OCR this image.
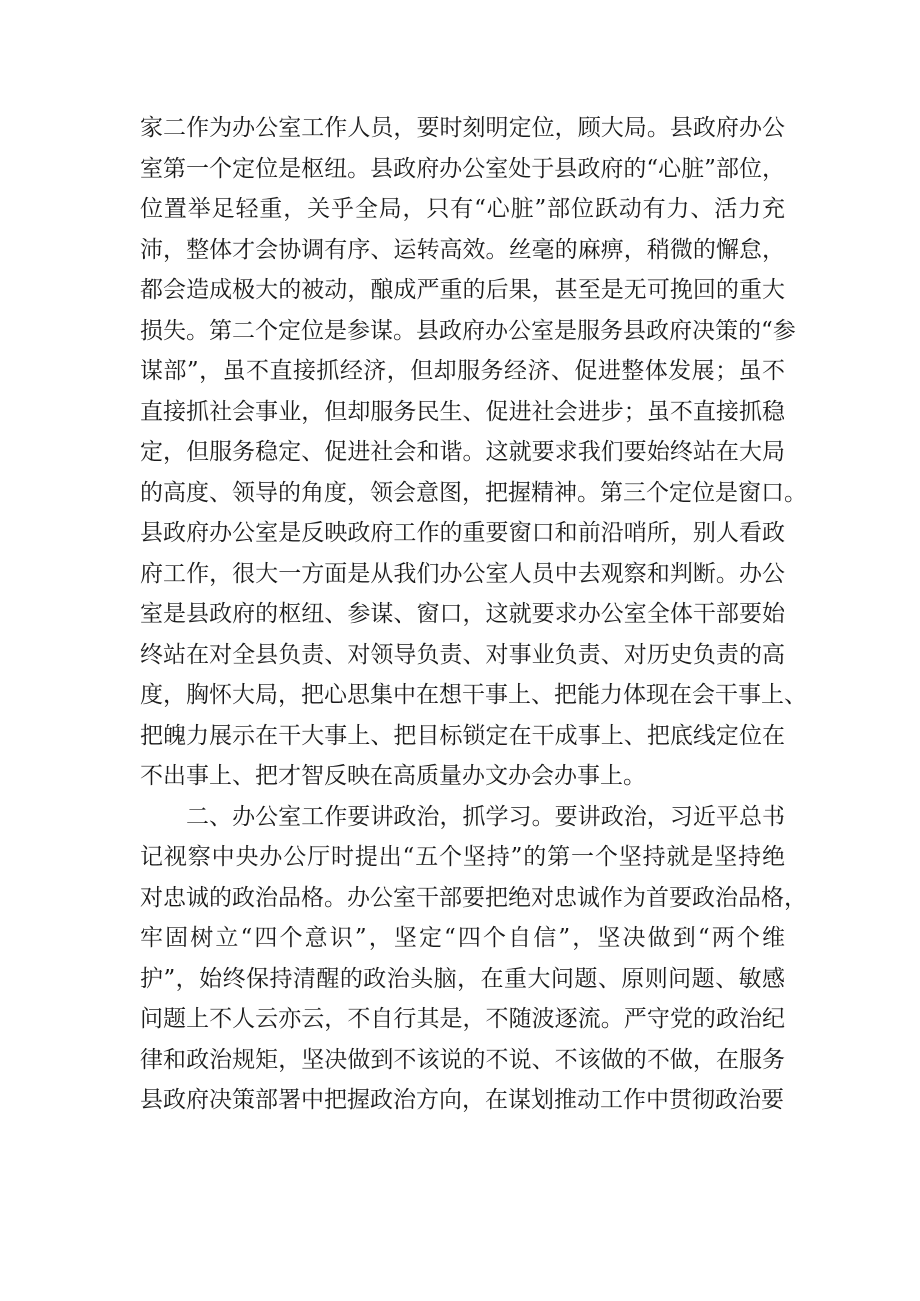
家二作为办公室工作人员，要时刻明定位，顾大局。县政府办公
室第一个定位是枢纽。县政府办公室处于县政府的“心脏”部位，
位置举足轻重，关乎全局，只有“心脏”部位跃动有力、活力充
沛，整体才会协调有序、运转高效。丝毫的麻痹，稍微的懈怠，
都会造成极大的被动，酿成严重的后果，甚至是无可挽回的重大
损失。第二个定位是参谋。县政府办公室是服务县政府决策的“参
谋部”，虽不直接抓经济，但却服务经济、促进整体发展；虽不
直接抓社会事业，但却服务民生、促进社会进步；虽不直接抓稳
定，但服务稳定、促进社会和谐。这就要求我们要始终站在大局
的高度、领导的角度，领会意图，把握精神。第三个定位是窗口。
县政府办公室是反映政府工作的重要窗口和前沿哨所，别人看政
府工作，很大一方面是从我们办公室人员中去观察和判断。办公
室是县政府的枢纽、参谋、窗口，这就要求办公室全体干部要始
终站在对全县负责、对领导负责、对事业负责、对历史负责的高
度，胸怀大局，把心思集中在想干事上、把能力体现在会干事上、
把魄力展示在干大事上、把目标锁定在干成事上、把底线定位在
不出事上、把才智反映在高质量办文办会办事上。
二、办公室工作要讲政治，抓学习。要讲政治，习近平总书
记视察中央办公厅时提出“五个坚持”的第一个坚持就是坚持绝
对忠诚的政治品格。办公室干部要把绝对忠诚作为首要政治品格，
牢固树立“四个意识”，坚定“四个自信”，坚决做到“两个维
护”，始终保持清醒的政治头脑，在重大问题、原则问题、敏感
问题上不人云亦云，不自行其是，不随波逐流。严守党的政治纪
律和政治规矩，坚决做到不该说的不说、不该做的不做，在服务
县政府决策部署中把握政治方向，在谋划推动工作中贯彻政治要
